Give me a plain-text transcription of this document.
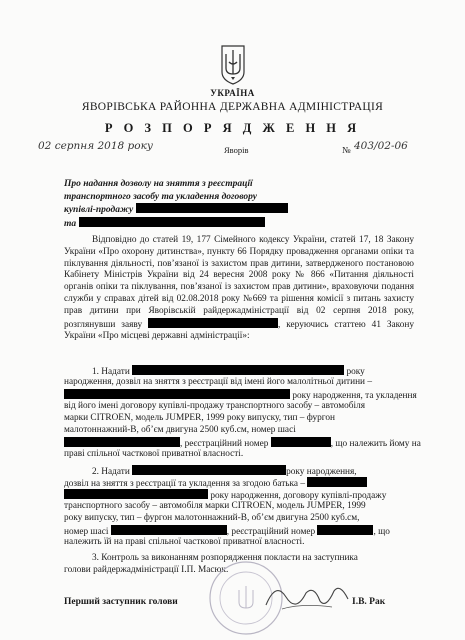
УКРАЇНА
ЯВОРІВСЬКА РАЙОННА ДЕРЖАВНА АДМІНІСТРАЦІЯ
Р О З П О Р Я Д Ж Е Н Н Я
02 серпня 2018 року	Яворів	№ 403/02-06
Про надання дозволу на зняття з реєстрації
транспортного засобу та укладення договору
купівлі-продажу
та
Відповідно до статей 19, 177 Сімейного кодексу України, статей 17, 18 Закону України «Про охорону дитинства», пункту 66 Порядку провадження органами опіки та піклування діяльності, пов’язаної із захистом прав дитини, затвердженого постановою Кабінету Міністрів України від 24 вересня 2008 року № 866 «Питання діяльності органів опіки та піклування, пов’язаної із захистом прав дитини», враховуючи подання служби у справах дітей від 02.08.2018 року №669 та рішення комісії з питань захисту прав дитини при Яворівській райдержадміністрації від 02 серпня 2018 року, розглянувши заяву	, керуючись статтею 41 Закону України «Про місцеві державні адміністрації»:
1. Надати	року
народження, дозвіл на зняття з реєстрації від імені його малолітньої дитини –
року народження, та укладення
від його імені договору купівлі-продажу транспортного засобу – автомобіля
марки CITROEN, модель JUMPER, 1999 року випуску, тип – фургон
малотоннажний-В, об’єм двигуна 2500 куб.см, номер шасі
, реєстраційний номер	, що належить йому на
праві спільної часткової приватної власності.
2. Надати	року народження,
дозвіл на зняття з реєстрації та укладення за згодою батька –
року народження, договору купівлі-продажу
транспортного засобу – автомобіля марки CITROEN, модель JUMPER, 1999
року випуску, тип – фургон малотоннажний-В, об’єм двигуна 2500 куб.см,
номер шасі	, реєстраційний номер	, що
належить їй на праві спільної часткової приватної власності.
3. Контроль за виконанням розпорядження покласти на заступника
голови райдержадміністрації І.П. Масюк.
Перший заступник голови	І.В. Рак
